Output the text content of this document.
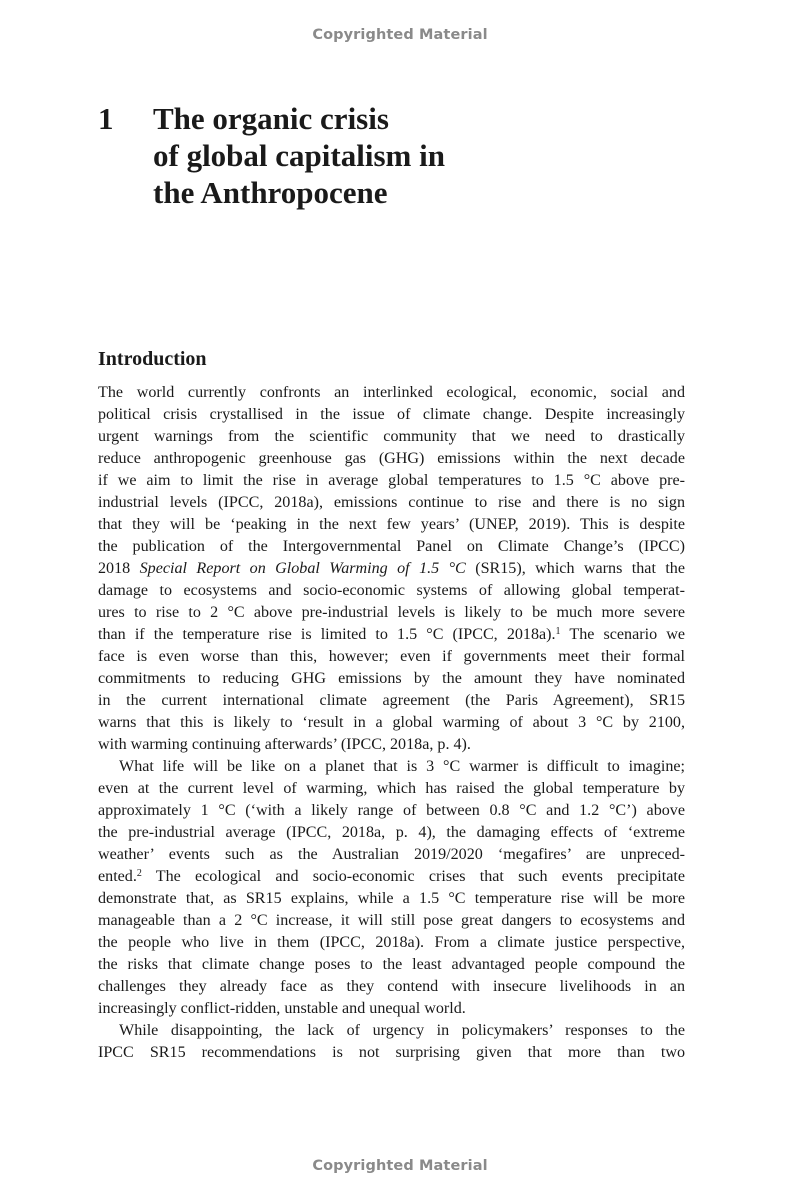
Copyrighted Material
1 The organic crisis
of global capitalism in
the Anthropocene
Introduction
The world currently confronts an interlinked ecological, economic, social and
political crisis crystallised in the issue of climate change. Despite increasingly
urgent warnings from the scientific community that we need to drastically
reduce anthropogenic greenhouse gas (GHG) emissions within the next decade
if we aim to limit the rise in average global temperatures to 1.5 °C above pre-
industrial levels (IPCC, 2018a), emissions continue to rise and there is no sign
that they will be ‘peaking in the next few years’ (UNEP, 2019). This is despite
the publication of the Intergovernmental Panel on Climate Change’s (IPCC)
2018 Special Report on Global Warming of 1.5 °C (SR15), which warns that the
damage to ecosystems and socio-economic systems of allowing global temperat-
ures to rise to 2 °C above pre-industrial levels is likely to be much more severe
than if the temperature rise is limited to 1.5 °C (IPCC, 2018a).$^1$ The scenario we
face is even worse than this, however; even if governments meet their formal
commitments to reducing GHG emissions by the amount they have nominated
in the current international climate agreement (the Paris Agreement), SR15
warns that this is likely to ‘result in a global warming of about 3 °C by 2100,
with warming continuing afterwards’ (IPCC, 2018a, p. 4).
What life will be like on a planet that is 3 °C warmer is difficult to imagine;
even at the current level of warming, which has raised the global temperature by
approximately 1 °C (‘with a likely range of between 0.8 °C and 1.2 °C’) above
the pre-industrial average (IPCC, 2018a, p. 4), the damaging effects of ‘extreme
weather’ events such as the Australian 2019/2020 ‘megafires’ are unpreced-
ented.$^2$ The ecological and socio-economic crises that such events precipitate
demonstrate that, as SR15 explains, while a 1.5 °C temperature rise will be more
manageable than a 2 °C increase, it will still pose great dangers to ecosystems and
the people who live in them (IPCC, 2018a). From a climate justice perspective,
the risks that climate change poses to the least advantaged people compound the
challenges they already face as they contend with insecure livelihoods in an
increasingly conflict-ridden, unstable and unequal world.
While disappointing, the lack of urgency in policymakers’ responses to the
IPCC SR15 recommendations is not surprising given that more than two
Copyrighted Material
